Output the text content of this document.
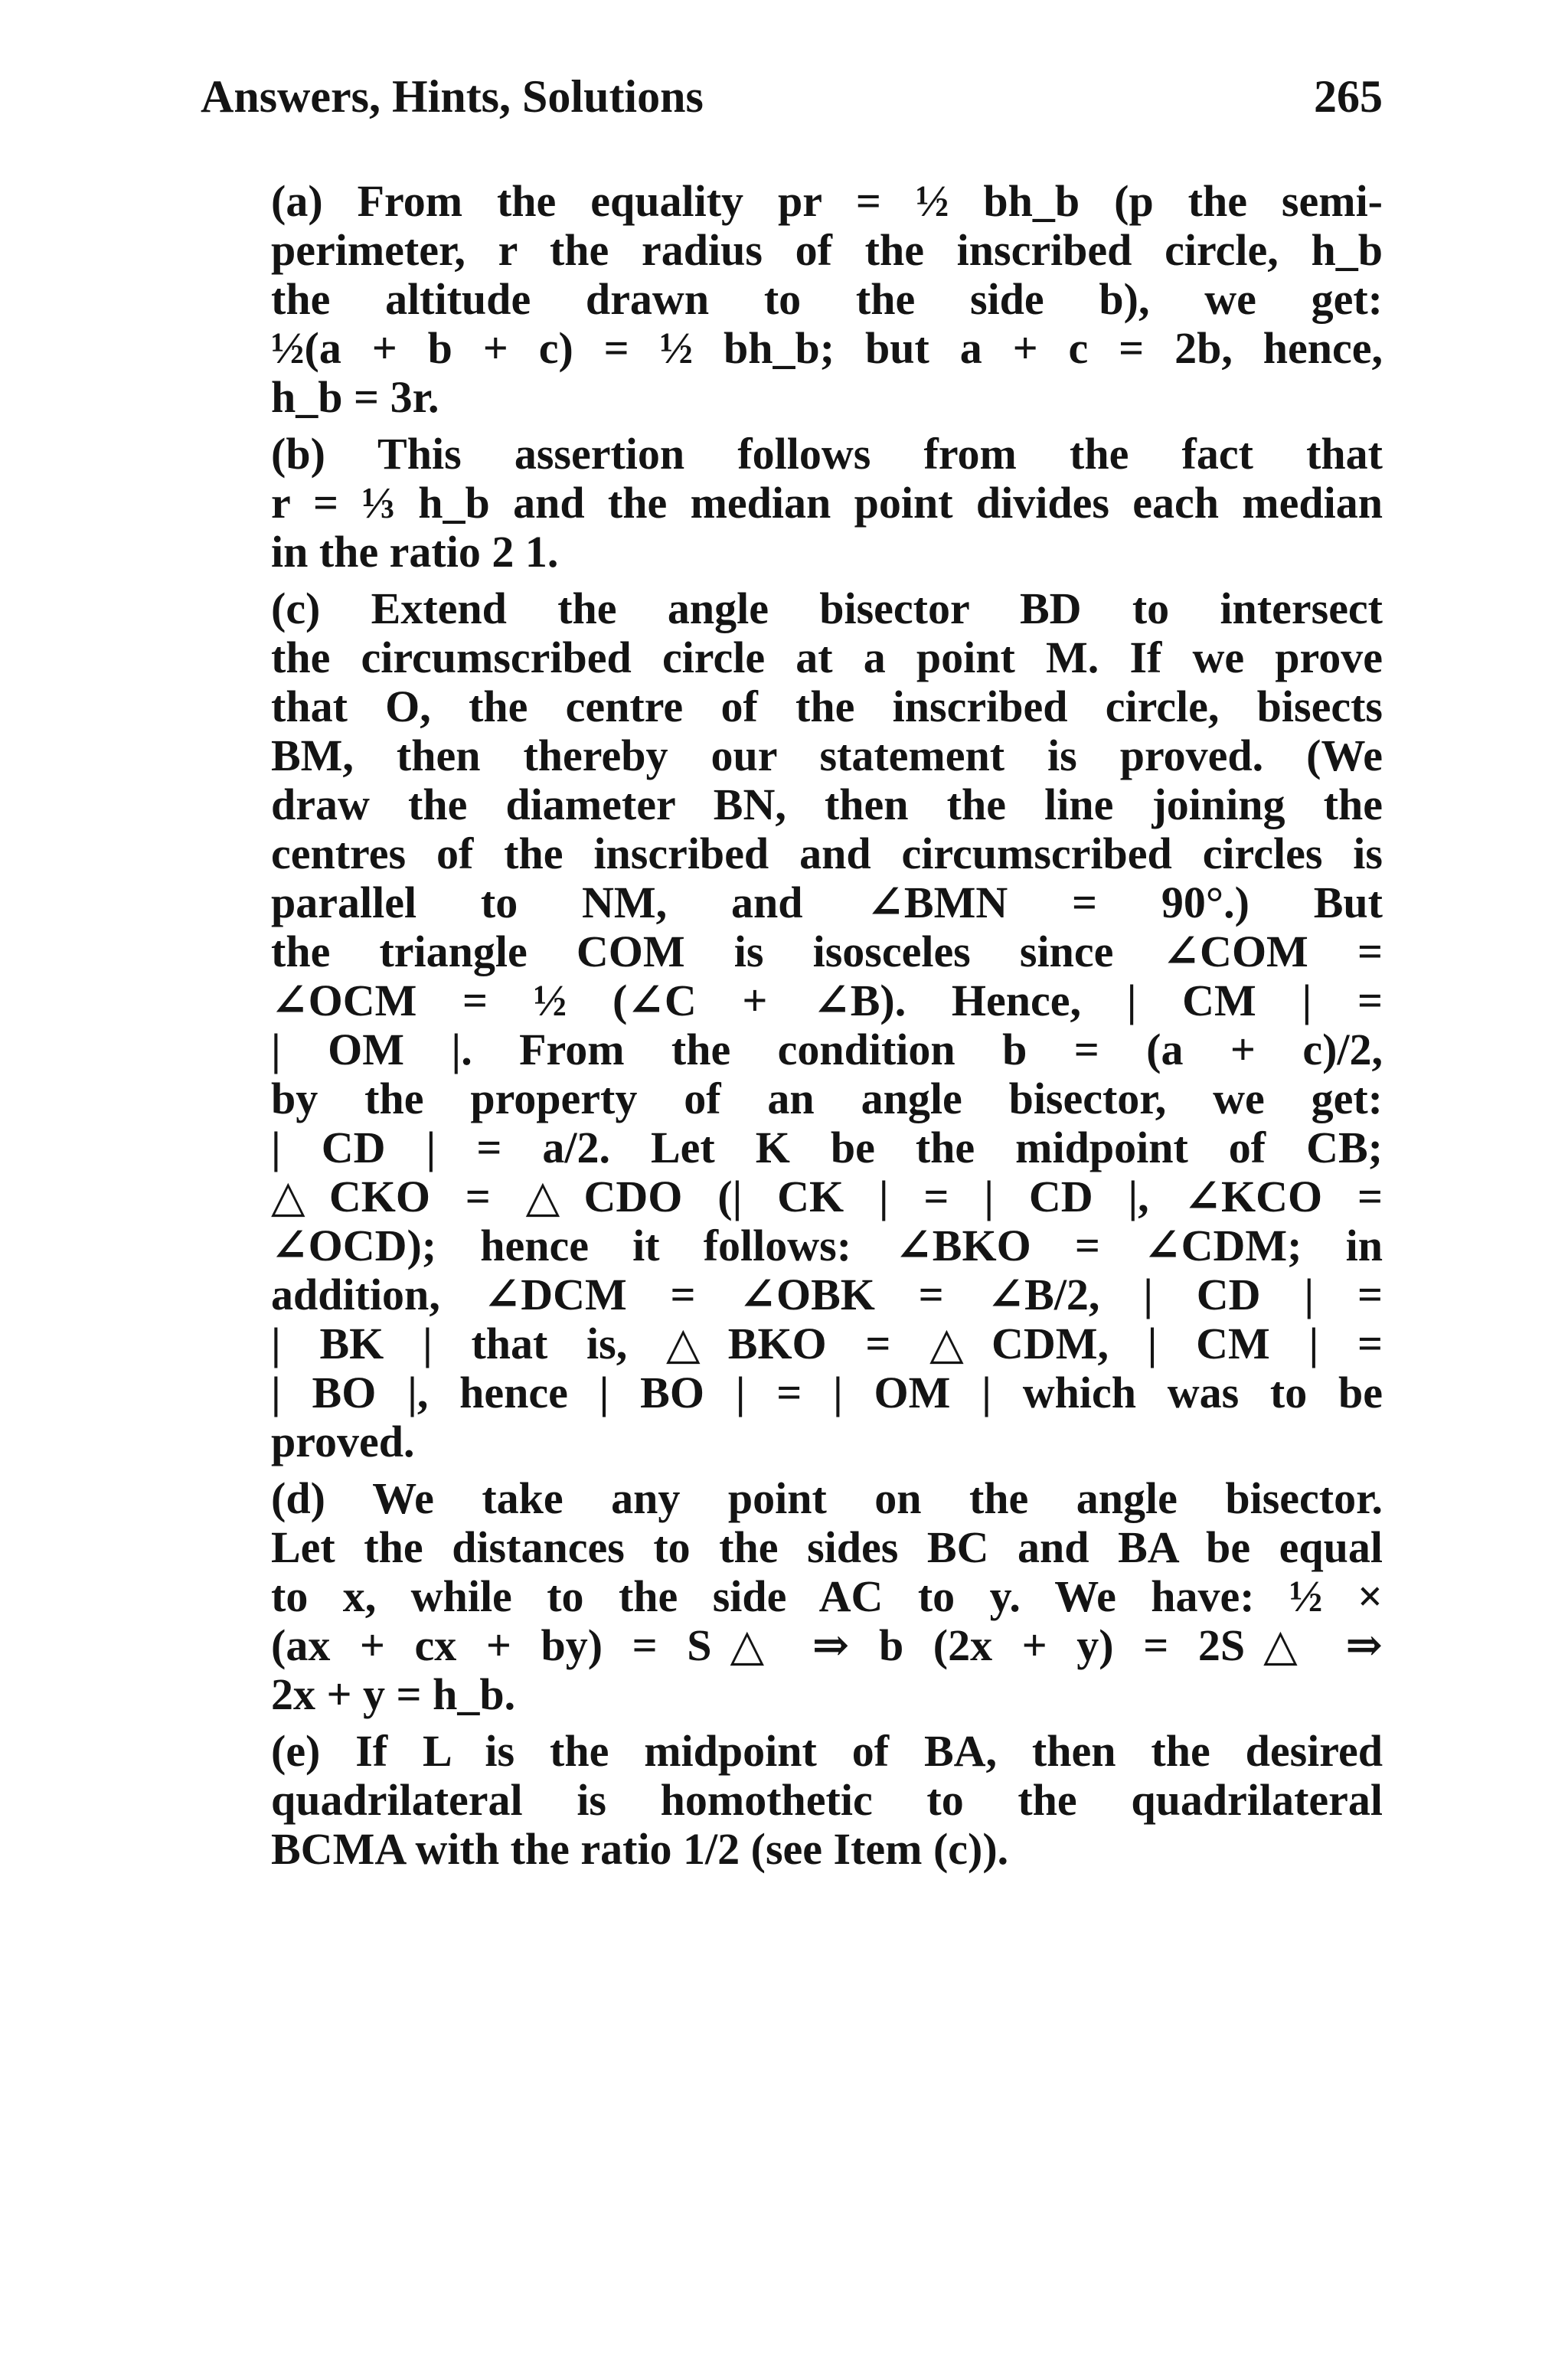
Answers, Hints, Solutions	265
(a) From the equality pr = ½ bh_b (p the semi-
perimeter, r the radius of the inscribed circle, h_b
the altitude drawn to the side b), we get:
½(a + b + c) = ½ bh_b; but a + c = 2b, hence,
h_b = 3r.
(b) This assertion follows from the fact that
r = ⅓ h_b and the median point divides each median
in the ratio 2 1.
(c) Extend the angle bisector BD to intersect
the circumscribed circle at a point M. If we prove
that O, the centre of the inscribed circle, bisects
BM, then thereby our statement is proved. (We
draw the diameter BN, then the line joining the
centres of the inscribed and circumscribed circles is
parallel to NM, and ∠BMN = 90°.) But
the triangle COM is isosceles since ∠COM =
∠OCM = ½ (∠C + ∠B). Hence, | CM | =
| OM |. From the condition b = (a + c)/2,
by the property of an angle bisector, we get:
| CD | = a/2. Let K be the midpoint of CB;
△CKO = △CDO (| CK | = | CD |, ∠KCO =
∠OCD); hence it follows: ∠BKO = ∠CDM; in
addition, ∠DCM = ∠OBK = ∠B/2, | CD | =
| BK | that is, △BKO = △CDM, | CM | =
| BO |, hence | BO | = | OM | which was to be
proved.
(d) We take any point on the angle bisector.
Let the distances to the sides BC and BA be equal
to x, while to the side AC to y. We have: ½ ×
(ax + cx + by) = S△ ⇒ b (2x + y) = 2S△ ⇒
2x + y = h_b.
(e) If L is the midpoint of BA, then the desired
quadrilateral is homothetic to the quadrilateral
BCMA with the ratio 1/2 (see Item (c)).
